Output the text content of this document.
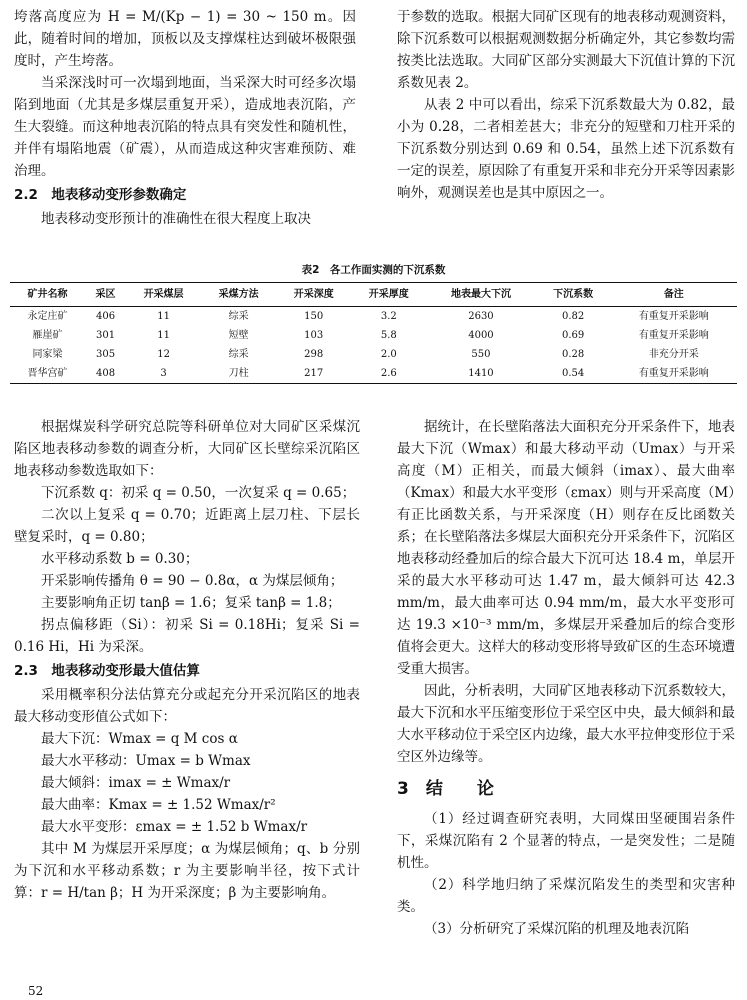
垮落高度应为 H = M/(Kp − 1) = 30 ~ 150 m。因此，随着时间的增加，顶板以及支撑煤柱达到破坏极限强度时，产生垮落。

当采深浅时可一次塌到地面，当采深大时可经多次塌陷到地面（尤其是多煤层重复开采），造成地表沉陷，产生大裂缝。而这种地表沉陷的特点具有突发性和随机性，并伴有塌陷地震（矿震），从而造成这种灾害难预防、难治理。

2.2　地表移动变形参数确定

地表移动变形预计的准确性在很大程度上取决

于参数的选取。根据大同矿区现有的地表移动观测资料，除下沉系数可以根据观测数据分析确定外，其它参数均需按类比法选取。大同矿区部分实测最大下沉值计算的下沉系数见表 2。

从表 2 中可以看出，综采下沉系数最大为 0.82，最小为 0.28，二者相差甚大；非充分的短壁和刀柱开采的下沉系数分别达到 0.69 和 0.54，虽然上述下沉系数有一定的误差，原因除了有重复开采和非充分开采等因素影响外，观测误差也是其中原因之一。

表2　各工作面实测的下沉系数
矿井名称	采区	开采煤层	采煤方法	开采深度	开采厚度	地表最大下沉	下沉系数	备注
永定庄矿	406	11	综采	150	3.2	2630	0.82	有重复开采影响
雁崖矿	301	11	短壁	103	5.8	4000	0.69	有重复开采影响
同家梁	305	12	综采	298	2.0	550	0.28	非充分开采
晋华宫矿	408	3	刀柱	217	2.6	1410	0.54	有重复开采影响

根据煤炭科学研究总院等科研单位对大同矿区采煤沉陷区地表移动参数的调查分析，大同矿区长壁综采沉陷区地表移动参数选取如下：

下沉系数 q：初采 q = 0.50，一次复采 q = 0.65；

二次以上复采 q = 0.70；近距离上层刀柱、下层长壁复采时，q = 0.80；

水平移动系数 b = 0.30；

开采影响传播角 θ = 90 − 0.8α，α 为煤层倾角；

主要影响角正切 tanβ = 1.6；复采 tanβ = 1.8；

拐点偏移距（Si）：初采 Si = 0.18Hi；复采 Si = 0.16 Hi，Hi 为采深。

2.3　地表移动变形最大值估算

采用概率积分法估算充分或起充分开采沉陷区的地表最大移动变形值公式如下：

最大下沉：Wmax = q M cos α

最大水平移动：Umax = b Wmax

最大倾斜：imax = ± Wmax/r

最大曲率：Kmax = ± 1.52 Wmax/r²

最大水平变形：εmax = ± 1.52 b Wmax/r

其中 M 为煤层开采厚度；α 为煤层倾角；q、b 分别为下沉和水平移动系数；r 为主要影响半径，按下式计算：r = H/tan β；H 为开采深度；β 为主要影响角。

据统计，在长壁陷落法大面积充分开采条件下，地表最大下沉（Wmax）和最大移动平动（Umax）与开采高度（M）正相关，而最大倾斜（imax）、最大曲率（Kmax）和最大水平变形（εmax）则与开采高度（M）有正比函数关系，与开采深度（H）则存在反比函数关系；在长壁陷落法多煤层大面积充分开采条件下，沉陷区地表移动经叠加后的综合最大下沉可达 18.4 m，单层开采的最大水平移动可达 1.47 m，最大倾斜可达 42.3 mm/m，最大曲率可达 0.94 mm/m，最大水平变形可达 19.3 ×10⁻³ mm/m，多煤层开采叠加后的综合变形值将会更大。这样大的移动变形将导致矿区的生态环境遭受重大损害。

因此，分析表明，大同矿区地表移动下沉系数较大，最大下沉和水平压缩变形位于采空区中央，最大倾斜和最大水平移动位于采空区内边缘，最大水平拉伸变形位于采空区外边缘等。

3　结　　论

（1）经过调查研究表明，大同煤田坚硬围岩条件下，采煤沉陷有 2 个显著的特点，一是突发性；二是随机性。

（2）科学地归纳了采煤沉陷发生的类型和灾害种类。

（3）分析研究了采煤沉陷的机理及地表沉陷

52
